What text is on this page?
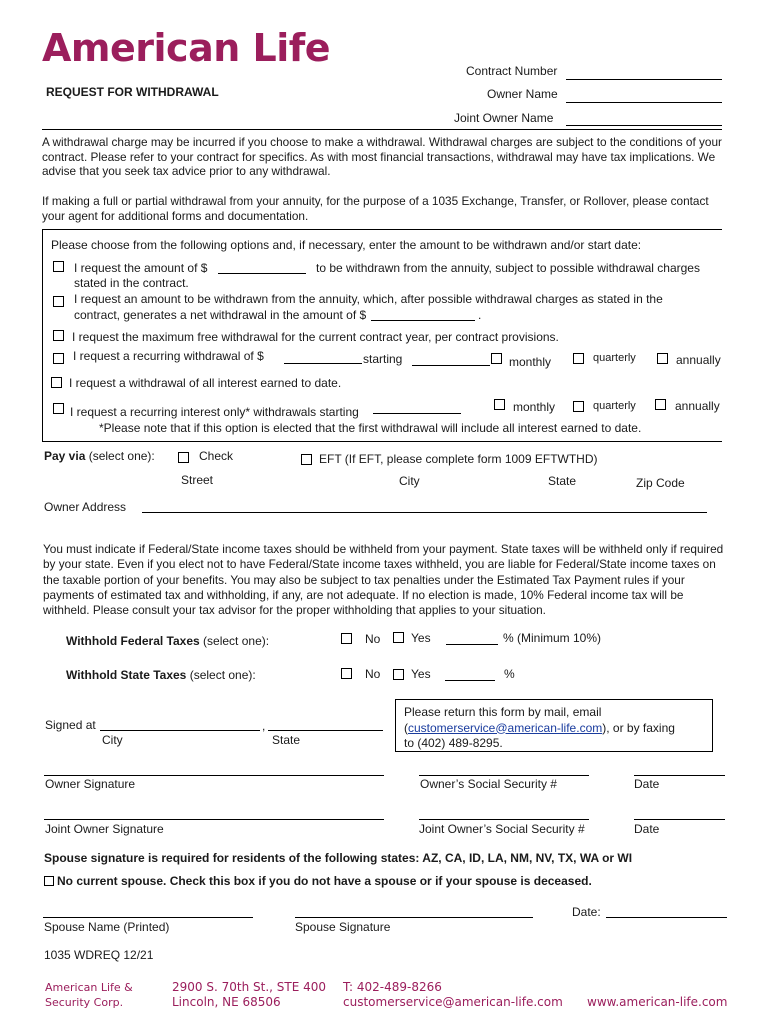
American Life
REQUEST FOR WITHDRAWAL
Contract Number
Owner Name
Joint Owner Name
A withdrawal charge may be incurred if you choose to make a withdrawal. Withdrawal charges are subject to the conditions of your contract. Please refer to your contract for specifics. As with most financial transactions, withdrawal may have tax implications. We advise that you seek tax advice prior to any withdrawal.
If making a full or partial withdrawal from your annuity, for the purpose of a 1035 Exchange, Transfer, or Rollover, please contact your agent for additional forms and documentation.
Please choose from the following options and, if necessary, enter the amount to be withdrawn and/or start date:
I request the amount of $	to be withdrawn from the annuity, subject to possible withdrawal charges
stated in the contract.
I request an amount to be withdrawn from the annuity, which, after possible withdrawal charges as stated in the
contract, generates a net withdrawal in the amount of $	.
I request the maximum free withdrawal for the current contract year, per contract provisions.
I request a recurring withdrawal of $	starting	monthly	quarterly	annually
I request a withdrawal of all interest earned to date.
I request a recurring interest only* withdrawals starting	monthly	quarterly	annually
*Please note that if this option is elected that the first withdrawal will include all interest earned to date.
Pay via (select one):	Check	EFT (If EFT, please complete form 1009 EFTWTHD)
Street	City	State	Zip Code
Owner Address
You must indicate if Federal/State income taxes should be withheld from your payment. State taxes will be withheld only if required by your state. Even if you elect not to have Federal/State income taxes withheld, you are liable for Federal/State income taxes on the taxable portion of your benefits. You may also be subject to tax penalties under the Estimated Tax Payment rules if your payments of estimated tax and withholding, if any, are not adequate. If no election is made, 10% Federal income tax will be withheld. Please consult your tax advisor for the proper withholding that applies to your situation.
Withhold Federal Taxes (select one):	No	Yes	% (Minimum 10%)
Withhold State Taxes (select one):	No	Yes	%
Signed at	,
City	State
Please return this form by mail, email
(customerservice@american-life.com), or by faxing
to (402) 489-8295.
Owner Signature	Owner’s Social Security #	Date
Joint Owner Signature	Joint Owner’s Social Security #	Date
Spouse signature is required for residents of the following states: AZ, CA, ID, LA, NM, NV, TX, WA or WI
No current spouse. Check this box if you do not have a spouse or if your spouse is deceased.
Date:
Spouse Name (Printed)	Spouse Signature
1035 WDREQ 12/21
American Life &
Security Corp.
2900 S. 70th St., STE 400
Lincoln, NE 68506
T: 402-489-8266
customerservice@american-life.com www.american-life.com
